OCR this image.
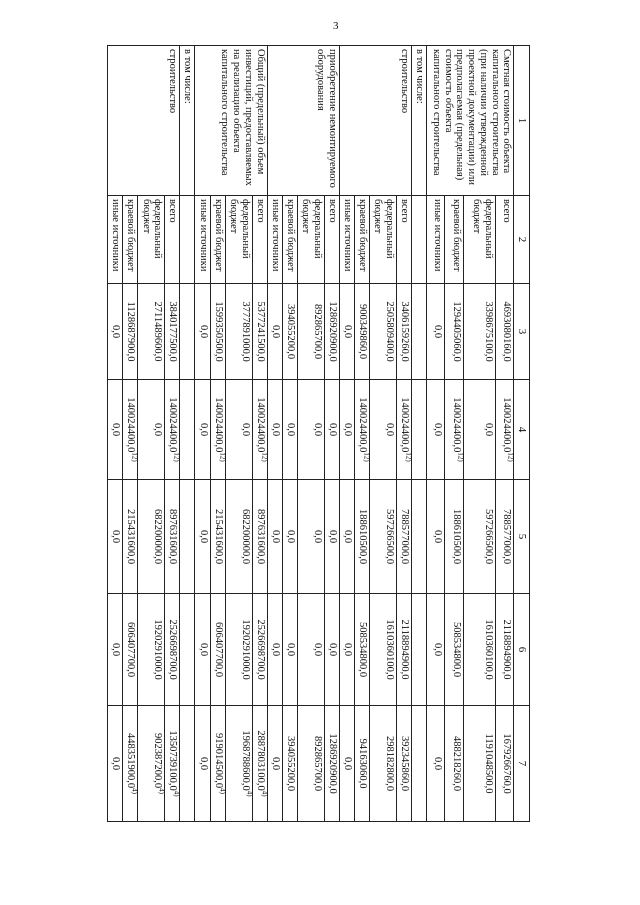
3
1	2	3	4	5	6	7
Сметная стоимость объекта капитального строительства (при наличии утвержденной проектной документации) или предполагаемая (предельная) стоимость объекта капитального строительства	всего	4693080160,0	140024400,0$^{12)}$	788577000,0	2118894900,0	1679266760,0
	федеральный бюджет	3398675100,0	0,0	597266500,0	1610360100,0	1191048500,0
	краевой бюджет	1294405060,0	140024400,0$^{12)}$	188610500,0	508534800,0	488218260,0
	иные источники	0,0	0,0	0,0	0,0	0,0
в том числе:						
строительство	всего	3406159260,0	140024400,0$^{12)}$	788577000,0	2118894900,0	392345860,0
	федеральный бюджет	2505809400,0	0,0	597266500,0	1610360100,0	298182800,0
	краевой бюджет	900349860,0	140024400,0$^{12)}$	188610500,0	508534800,0	94163060,0
	иные источники	0,0	0,0	0,0	0,0	0,0
приобретение немонтируемого оборудования	всего	1286920900,0	0,0	0,0	0,0	1286920900,0
	федеральный бюджет	892865700,0	0,0	0,0	0,0	892865700,0
	краевой бюджет	394055200,0	0,0	0,0	0,0	394055200,0
	иные источники	0,0	0,0	0,0	0,0	0,0
Общий (предельный) объем инвестиций, предоставляемых на реализацию объекта капитального строительства	всего	5377241500,0	140024400,0$^{12)}$	897631600,0	2526698700,0	2887803100,0$^{4)}$
	федеральный бюджет	3777891000,0	0,0	682200000,0	1920291000,0	1968788600,0$^{4)}$
	краевой бюджет	1599350500,0	140024400,0$^{12)}$	215431600,0	606407700,0	919014500,0$^{4)}$
	иные источники	0,0	0,0	0,0	0,0	0,0
в том числе:						
строительство	всего	3840177500,0	140024400,0$^{12)}$	897631600,0	2526698700,0	1350739100,0$^{4)}$
	федеральный бюджет	2711489600,0	0,0	682200000,0	1920291000,0	902387200,0$^{4)}$
	краевой бюджет	1128687900,0	140024400,0$^{12)}$	215431600,0	606407700,0	448351900,0$^{4)}$
	иные источники	0,0	0,0	0,0	0,0	0,0
